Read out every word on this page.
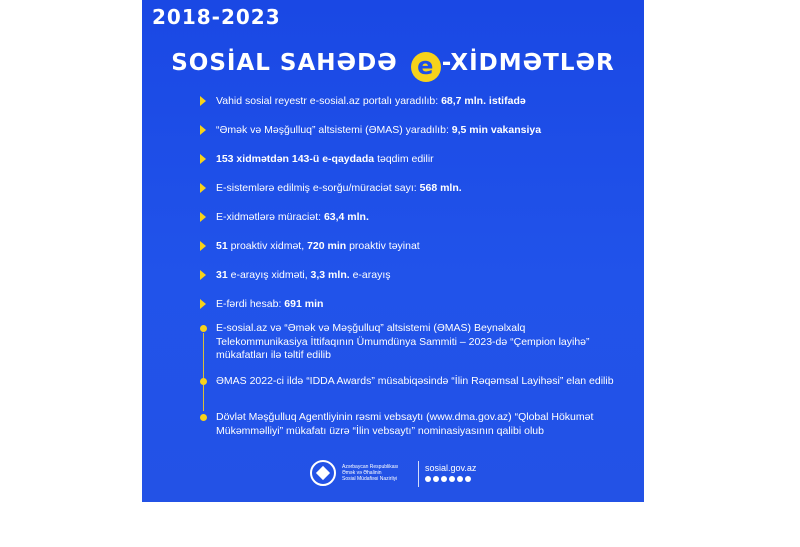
2018-2023
SOSİAL SAHƏDƏ e -XİDMƏTLƏR
Vahid sosial reyestr e-sosial.az portalı yaradılıb: 68,7 mln. istifadə
“Əmək və Məşğulluq” altsistemi (ƏMAS) yaradılıb: 9,5 min vakansiya
153 xidmətdən 143-ü e-qaydada təqdim edilir
E-sistemlərə edilmiş e-sorğu/müraciət sayı: 568 mln.
E-xidmətlərə müraciət: 63,4 mln.
51 proaktiv xidmət, 720 min proaktiv təyinat
31 e-arayış xidməti, 3,3 mln. e-arayış
E-fərdi hesab: 691 min
E-sosial.az və “Əmək və Məşğulluq” altsistemi (ƏMAS) Beynəlxalq Telekommunikasiya İttifaqının Ümumdünya Sammiti – 2023-də “Çempion layihə” mükafatları ilə təltif edilib
ƏMAS 2022-ci ildə “IDDA Awards” müsabiqəsində “İlin Rəqəmsal Layihəsi” elan edilib
Dövlət Məşğulluq Agentliyinin rəsmi vebsaytı (www.dma.gov.az) “Qlobal Hökumət Mükəmməlliyi” mükafatı üzrə “İlin vebsaytı” nominasiyasının qalibi olub
Azərbaycan Respublikası
Əmək və Əhalinin
Sosial Müdafiəsi Nazirliyi
sosial.gov.az
